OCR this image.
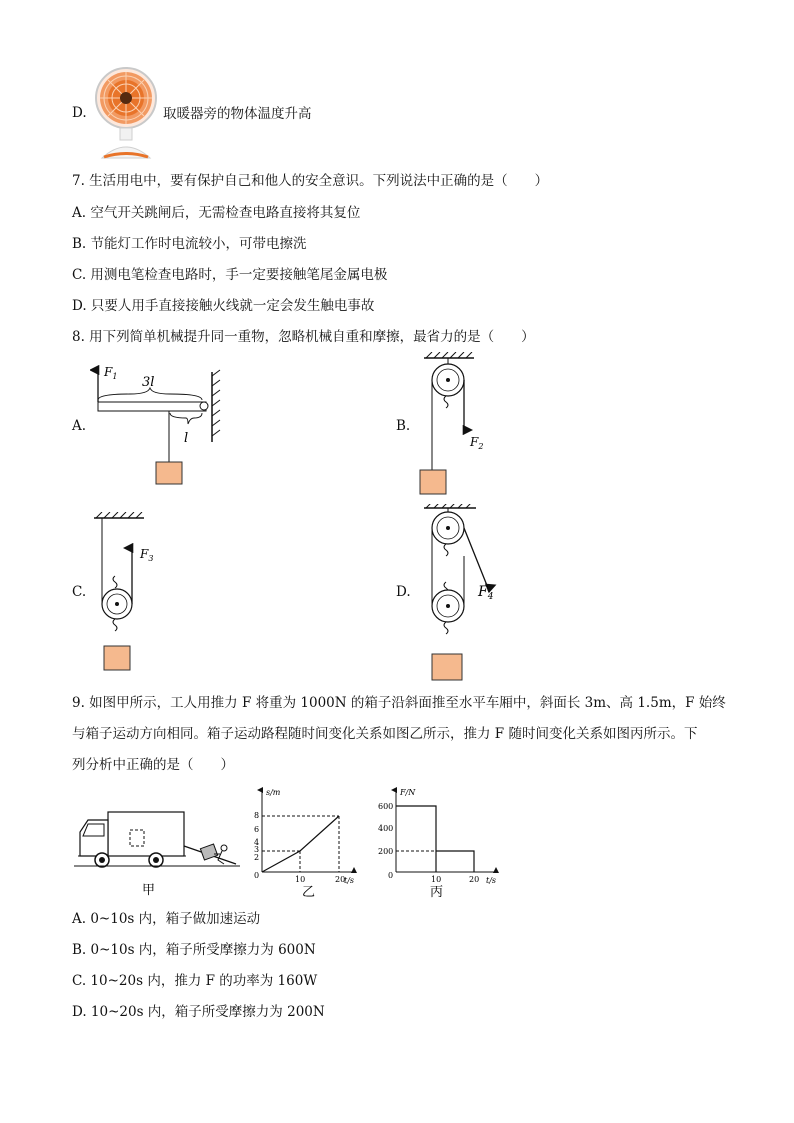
D.	取暖器旁的物体温度升高
7. 生活用电中，要有保护自己和他人的安全意识。下列说法中正确的是（　　）
A. 空气开关跳闸后，无需检查电路直接将其复位
B. 节能灯工作时电流较小，可带电擦洗
C. 用测电笔检查电路时，手一定要接触笔尾金属电极
D. 只要人用手直接接触火线就一定会发生触电事故
8. 用下列简单机械提升同一重物，忽略机械自重和摩擦，最省力的是（　　）
A.	B.
C.	D.
$F_1$ 3l
l	$F_2$
$F_3$
$F_4$
9. 如图甲所示，工人用推力 F 将重为 1000N 的箱子沿斜面推至水平车厢中，斜面长 3m、高 1.5m，F 始终
与箱子运动方向相同。箱子运动路程随时间变化关系如图乙所示，推力 F 随时间变化关系如图丙所示。下
列分析中正确的是（　　）
甲
s/m
t/s
8
6
4
3
2
0	10	20
乙
F/N
t/s
600
400
200
0	10	20
丙
A. 0~10s 内，箱子做加速运动
B. 0~10s 内，箱子所受摩擦力为 600N
C. 10~20s 内，推力 F 的功率为 160W
D. 10~20s 内，箱子所受摩擦力为 200N
